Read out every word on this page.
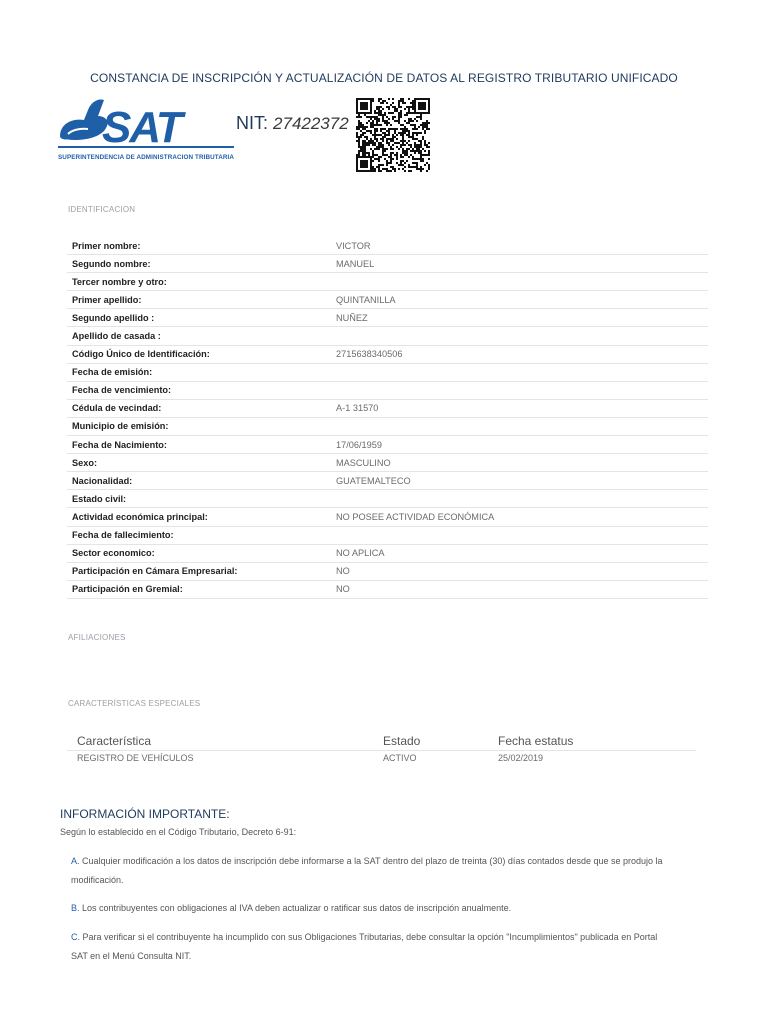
CONSTANCIA DE INSCRIPCIÓN Y ACTUALIZACIÓN DE DATOS AL REGISTRO TRIBUTARIO UNIFICADO
SAT
SUPERINTENDENCIA DE ADMINISTRACION TRIBUTARIA
NIT: 27422372
IDENTIFICACION
Primer nombre:	VICTOR
Segundo nombre:	MANUEL
Tercer nombre y otro:
Primer apellido:	QUINTANILLA
Segundo apellido :	NUÑEZ
Apellido de casada :
Código Único de Identificación:	2715638340506
Fecha de emisión:
Fecha de vencimiento:
Cédula de vecindad:	A-1 31570
Municipio de emisión:
Fecha de Nacimiento:	17/06/1959
Sexo:	MASCULINO
Nacionalidad:	GUATEMALTECO
Estado civil:
Actividad económica principal:	NO POSEE ACTIVIDAD ECONÓMICA
Fecha de fallecimiento:
Sector economico:	NO APLICA
Participación en Cámara Empresarial:	NO
Participación en Gremial:	NO
AFILIACIONES
CARACTERÍSTICAS ESPECIALES
Característica	Estado	Fecha estatus
REGISTRO DE VEHÍCULOS	ACTIVO	25/02/2019
INFORMACIÓN IMPORTANTE:
Según lo establecido en el Código Tributario, Decreto 6-91:
A. Cualquier modificación a los datos de inscripción debe informarse a la SAT dentro del plazo de treinta (30) días contados desde que se produjo la
modificación.
B. Los contribuyentes con obligaciones al IVA deben actualizar o ratificar sus datos de inscripción anualmente.
C. Para verificar si el contribuyente ha incumplido con sus Obligaciones Tributarias, debe consultar la opción "Incumplimientos" publicada en Portal
SAT en el Menú Consulta NIT.
